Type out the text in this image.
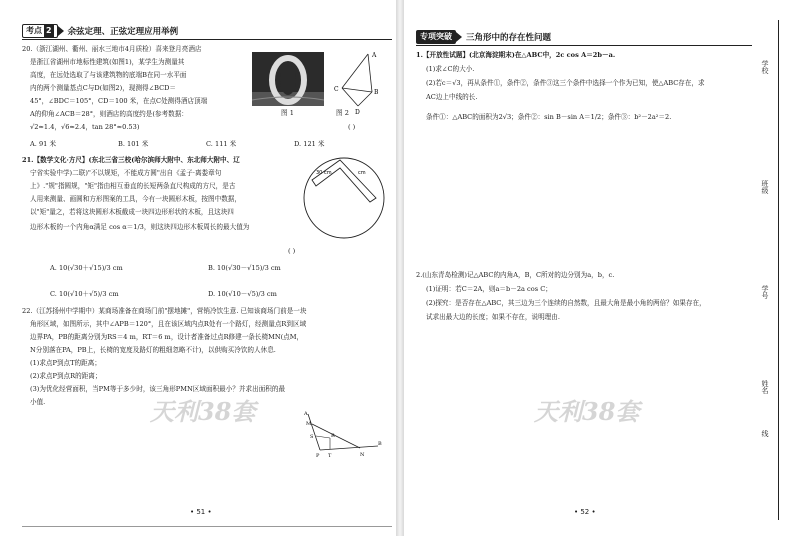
考点 2 余弦定理、正弦定理应用举例
20.（浙江湖州、衢州、丽水三地市4月质检）喜来登月亮酒店
是浙江省湖州市地标性建筑(如图1)，某学生为测量其
高度，在远处选取了与该建筑物的底端B在同一水平面
内的两个测量基点C与D(如图2)，现测得∠BCD＝
45°，∠BDC＝105°，CD＝100 米，在点C处测得酒店顶端
A的仰角∠ACB＝28°，则酒店的高度约是(参考数据：
√2≈1.4，√6≈2.4，tan 28°≈0.53)
图 1
A
B
C
D
图 2
( )
A. 91 米	B. 101 米	C. 111 米	D. 121 米
21.【数学文化·方尺】(东北三省三校(哈尔滨师大附中、东北师大附中、辽
宁省实验中学)二联)"不以规矩，不能成方圆"出自《孟子·离娄章句
上》."规"指圆规，"矩"指由相互垂直的长短两条直尺构成的方尺，是古
人用来测量、画圆和方形图案的工具，今有一块圆形木板，按图中数据，
以"矩"量之，若将这块圆形木板截成一块四边形形状的木板，且这块四
边形木板的一个内角α满足 cos α＝1/3，则这块四边形木板周长的最大值为
( )
30 cm	cm
A. 10(√30＋√15)/3 cm	B. 10(√30－√15)/3 cm
C. 10(√10＋√5)/3 cm	D. 10(√10－√5)/3 cm
22.（江苏扬州中学期中）某商场准备在商场门前"摆地摊"，营销冷饮生意. 已知该商场门前是一块
角形区域，如图所示，其中∠APB＝120°，且在该区域内点R处有一个路灯，经测量点R到区域
边界PA，PB的距离分别为RS＝4 m，RT＝6 m，设计者准备过点R修建一条长椅MN(点M，
N分别落在PA，PB上，长椅的宽度及路灯的粗细忽略不计)，以供购买冷饮的人休息.
(1)求点P到点T的距离；
(2)求点P到点R的距离；
(3)为优化经营面积，当PM等于多少时，该三角形PMN区域面积最小？并求出面积的最
小值.
A
M
S	R
P T	N
B
天利38套
• 51 •
专项突破 三角形中的存在性问题
1.【开放性试题】(北京海淀期末)在△ABC中，2c cos A＝2b－a.
(1)求∠C的大小.
(2)若c＝√3，再从条件①，条件②，条件③这三个条件中选择一个作为已知，使△ABC存在，求
AC边上中线的长.
条件①：△ABC的面积为2√3；条件②：sin B－sin A＝1/2；条件③：b²－2a²＝2.
2.(山东青岛检测)记△ABC的内角A，B，C所对的边分别为a，b，c.
(1)证明：若C＝2A，则a＝b－2a cos C；
(2)探究：是否存在△ABC，其三边为三个连续的自然数，且最大角是最小角的两倍？如果存在，
试求出最大边的长度；如果不存在，说明理由.
天利38套
• 52 •
学校
班级
姓名
学号
线
